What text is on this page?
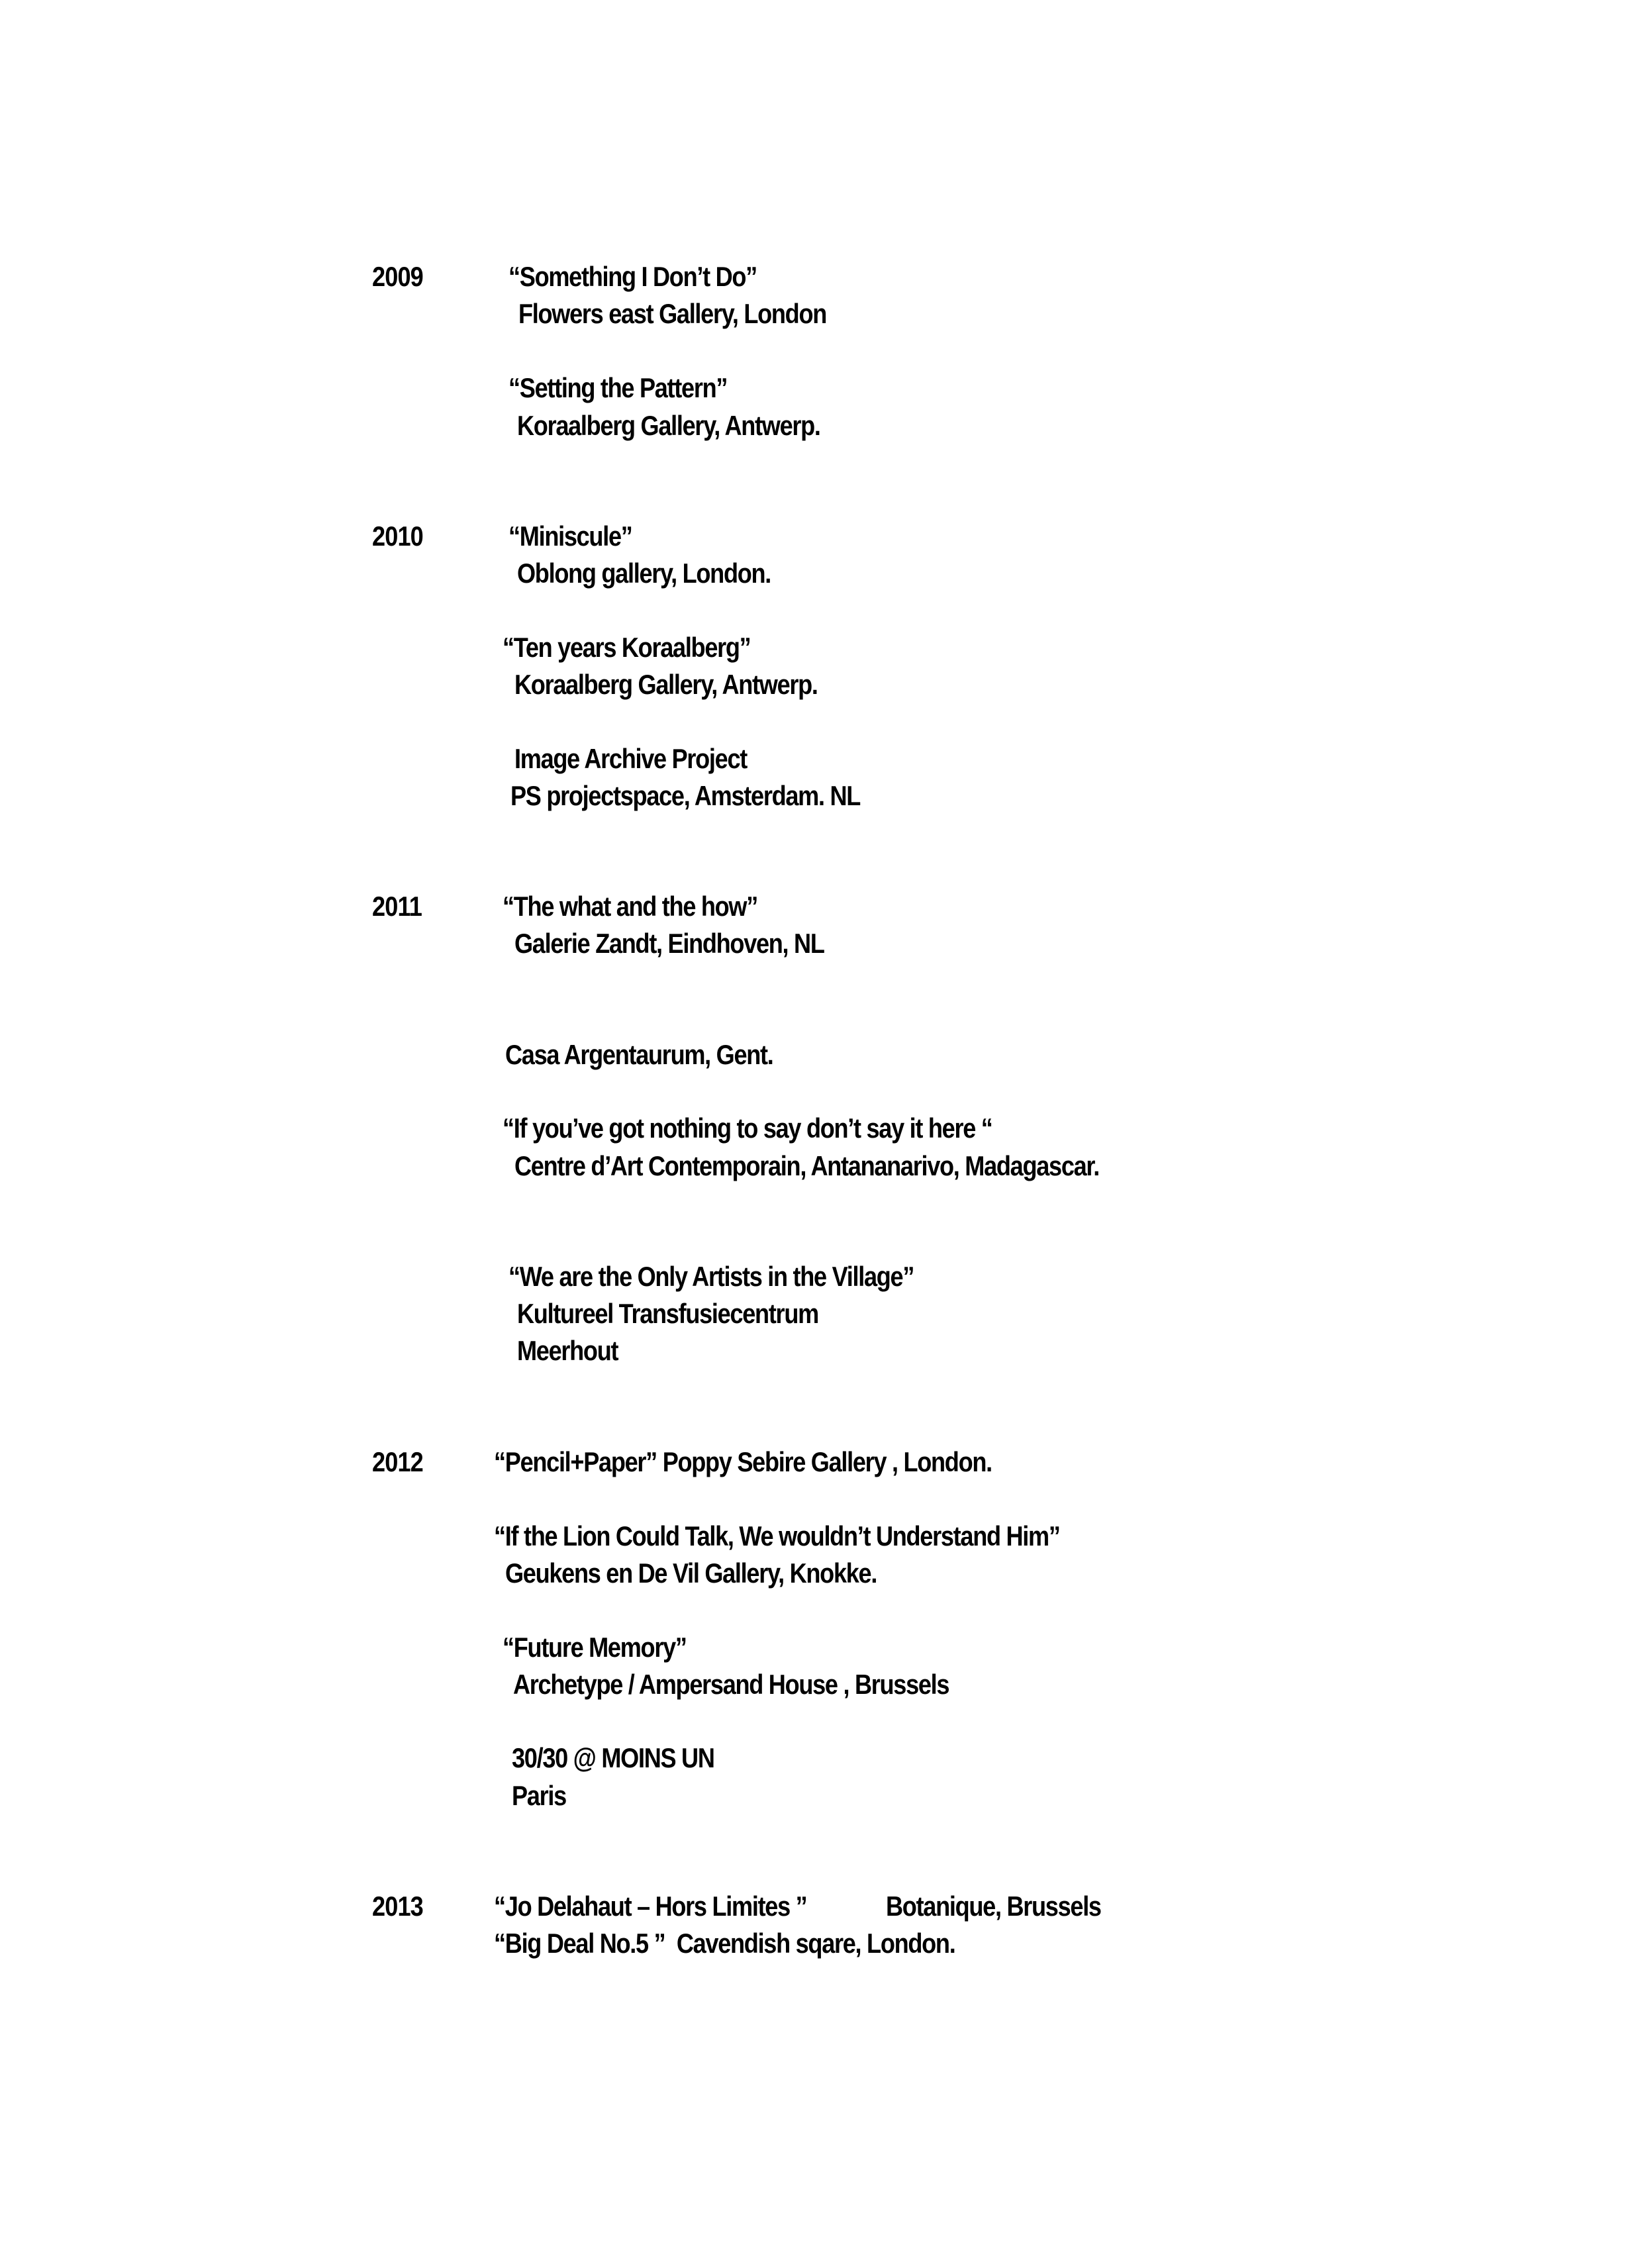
2009	“Something I Don’t Do”
Flowers east Gallery, London
“Setting the Pattern”
Koraalberg Gallery, Antwerp.
2010	“Miniscule”
Oblong gallery, London.
“Ten years Koraalberg”
Koraalberg Gallery, Antwerp.
Image Archive Project
PS projectspace, Amsterdam. NL
2011	“The what and the how”
Galerie Zandt, Eindhoven, NL
Casa Argentaurum, Gent.
“If you’ve got nothing to say don’t say it here “
Centre d’Art Contemporain, Antananarivo, Madagascar.
“We are the Only Artists in the Village”
Kultureel Transfusiecentrum
Meerhout
2012	“Pencil+Paper” Poppy Sebire Gallery , London.
“If the Lion Could Talk, We wouldn’t Understand Him”
Geukens en De Vil Gallery, Knokke.
“Future Memory”
Archetype / Ampersand House , Brussels
30/30 @ MOINS UN
Paris
2013	“Jo Delahaut – Hors Limites ”	Botanique, Brussels
“Big Deal No.5 ”  Cavendish sqare, London.
